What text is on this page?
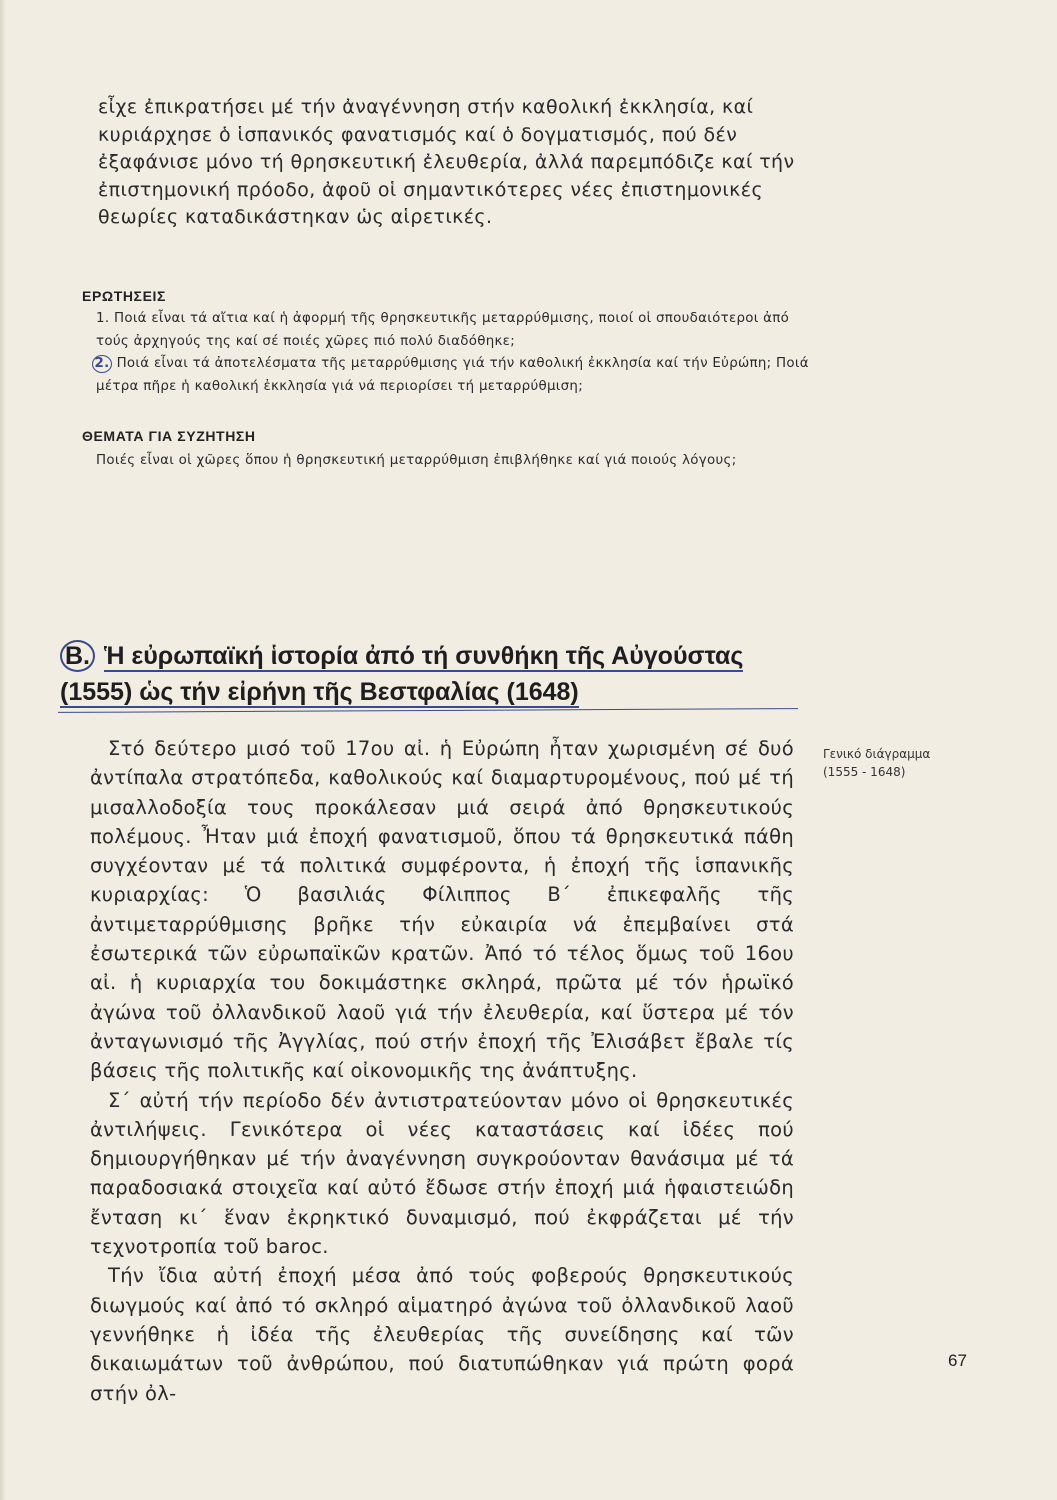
εἶχε ἐπικρατήσει μέ τήν ἀναγέννηση στήν καθολική ἐκκλησία, καί κυριάρχησε ὁ ἱσπανικός φανατισμός καί ὁ δογματισμός, πού δέν ἐξαφάνισε μόνο τή θρησκευτική ἐλευθερία, ἀλλά παρεμπόδιζε καί τήν ἐπιστημονική πρόοδο, ἀφοῦ οἱ σημαντικότερες νέες ἐπιστημονικές θεωρίες καταδικάστηκαν ὡς αἱρετικές.

ΕΡΩΤΗΣΕΙΣ
1. Ποιά εἶναι τά αἴτια καί ἡ ἀφορμή τῆς θρησκευτικῆς μεταρρύθμισης, ποιοί οἱ σπουδαιότεροι ἀπό τούς ἀρχηγούς της καί σέ ποιές χῶρες πιό πολύ διαδόθηκε;
2. Ποιά εἶναι τά ἀποτελέσματα τῆς μεταρρύθμισης γιά τήν καθολική ἐκκλησία καί τήν Εὐρώπη; Ποιά μέτρα πῆρε ἡ καθολική ἐκκλησία γιά νά περιορίσει τή μεταρρύθμιση;
ΘΕΜΑΤΑ ΓΙΑ ΣΥΖΗΤΗΣΗ
Ποιές εἶναι οἱ χῶρες ὅπου ἡ θρησκευτική μεταρρύθμιση ἐπιβλήθηκε καί γιά ποιούς λόγους;
Β. Ἡ εὐρωπαϊκή ἱστορία ἀπό τή συνθήκη τῆς Αὐγούστας
(1555) ὡς τήν εἰρήνη τῆς Βεστφαλίας (1648)
Γενικό διάγραμμα
(1555 - 1648)

Στό δεύτερο μισό τοῦ 17ου αἰ. ἡ Εὐρώπη ἦταν χωρισμένη σέ δυό ἀντίπαλα στρατόπεδα, καθολικούς καί διαμαρτυρομένους, πού μέ τή μισαλλοδοξία τους προκάλεσαν μιά σειρά ἀπό θρησκευτικούς πολέμους. Ἦταν μιά ἐποχή φανατισμοῦ, ὅπου τά θρησκευτικά πάθη συγχέονταν μέ τά πολιτικά συμφέροντα, ἡ ἐποχή τῆς ἱσπανικῆς κυριαρχίας: Ὁ βασιλιάς Φίλιππος Β΄ ἐπικεφαλῆς τῆς ἀντιμεταρρύθμισης βρῆκε τήν εὐκαιρία νά ἐπεμβαίνει στά ἐσωτερικά τῶν εὐρωπαϊκῶν κρατῶν. Ἀπό τό τέλος ὅμως τοῦ 16ου αἰ. ἡ κυριαρχία του δοκιμάστηκε σκληρά, πρῶτα μέ τόν ἡρωϊκό ἀγώνα τοῦ ὀλλανδικοῦ λαοῦ γιά τήν ἐλευθερία, καί ὕστερα μέ τόν ἀνταγωνισμό τῆς Ἀγγλίας, πού στήν ἐποχή τῆς Ἐλισάβετ ἔβαλε τίς βάσεις τῆς πολιτικῆς καί οἰκονομικῆς της ἀνάπτυξης.

Σ΄ αὐτή τήν περίοδο δέν ἀντιστρατεύονταν μόνο οἱ θρησκευτικές ἀντιλήψεις. Γενικότερα οἱ νέες καταστάσεις καί ἰδέες πού δημιουργήθηκαν μέ τήν ἀναγέννηση συγκρούονταν θανάσιμα μέ τά παραδοσιακά στοιχεῖα καί αὐτό ἔδωσε στήν ἐποχή μιά ἡφαιστειώδη ἔνταση κι΄ ἕναν ἐκρηκτικό δυναμισμό, πού ἐκφράζεται μέ τήν τεχνοτροπία τοῦ barοc.

Τήν ἴδια αὐτή ἐποχή μέσα ἀπό τούς φοβερούς θρησκευτικούς διωγμούς καί ἀπό τό σκληρό αἱματηρό ἀγώνα τοῦ ὀλλανδικοῦ λαοῦ γεννήθηκε ἡ ἰδέα τῆς ἐλευθερίας τῆς συνείδησης καί τῶν δικαιωμάτων τοῦ ἀνθρώπου, πού διατυπώθηκαν γιά πρώτη φορά στήν ὀλ-

67
